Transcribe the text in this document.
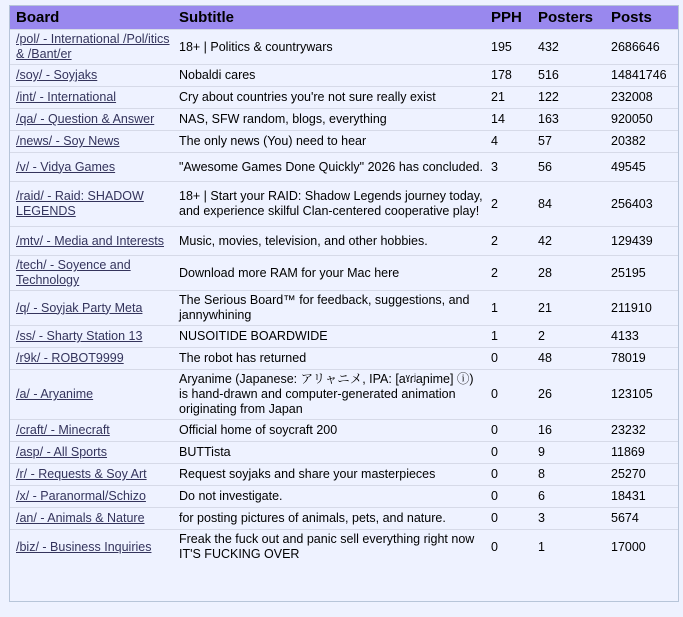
Board	Subtitle	PPH	Posters	Posts
/pol/ - International /Pol/itics & /Bant/er	18+ | Politics & countrywars	195	432	2686646
/soy/ - Soyjaks	Nobaldi cares	178	516	14841746
/int/ - International	Cry about countries you're not sure really exist	21	122	232008
/qa/ - Question & Answer	NAS, SFW random, blogs, everything	14	163	920050
/news/ - Soy News	The only news (You) need to hear	4	57	20382
/v/ - Vidya Games	"Awesome Games Done Quickly" 2026 has concluded.	3	56	49545
/raid/ - Raid: SHADOW LEGENDS	18+ | Start your RAID: Shadow Legends journey today, and experience skilful Clan-centered cooperative play!	2	84	256403
/mtv/ - Media and Interests	Music, movies, television, and other hobbies.	2	42	129439
/tech/ - Soyence and Technology	Download more RAM for your Mac here	2	28	25195
/q/ - Soyjak Party Meta	The Serious Board™ for feedback, suggestions, and jannywhining	1	21	211910
/ss/ - Sharty Station 13	NUSOITIDE BOARDWIDE	1	2	4133
/r9k/ - ROBOT9999	The robot has returned	0	48	78019
/a/ - Aryanime	Aryanime (Japanese: アリャニメ, IPA: [aˠɾʲaɲime] ⓘ) is hand-drawn and computer-generated animation originating from Japan	0	26	123105
/craft/ - Minecraft	Official home of soycraft 200	0	16	23232
/asp/ - All Sports	BUTTista	0	9	11869
/r/ - Requests & Soy Art	Request soyjaks and share your masterpieces	0	8	25270
/x/ - Paranormal/Schizo	Do not investigate.	0	6	18431
/an/ - Animals & Nature	for posting pictures of animals, pets, and nature.	0	3	5674
/biz/ - Business Inquiries	Freak the fuck out and panic sell everything right now IT'S FUCKING OVER	0	1	17000
